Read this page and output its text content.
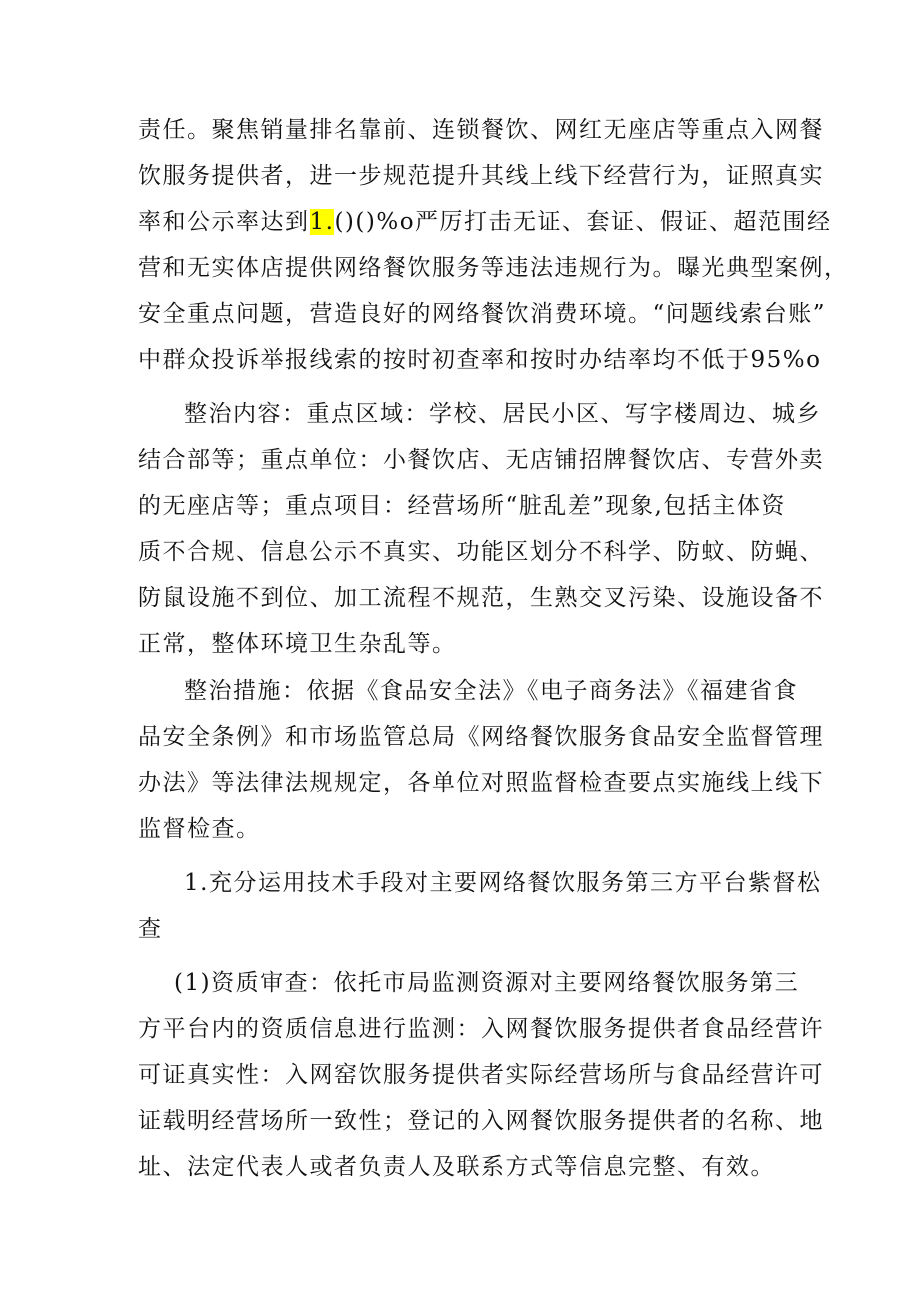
责任。聚焦销量排名靠前、连锁餐饮、网红无座店等重点入网餐
饮服务提供者，进一步规范提升其线上线下经营行为，证照真实
率和公示率达到1.()()%o严厉打击无证、套证、假证、超范围经
营和无实体店提供网络餐饮服务等违法违规行为。曝光典型案例，
安全重点问题，营造良好的网络餐饮消费环境。“问题线索台账”
中群众投诉举报线索的按时初查率和按时办结率均不低于95%o

整治内容：重点区域：学校、居民小区、写字楼周边、城乡
结合部等；重点单位：小餐饮店、无店铺招牌餐饮店、专营外卖
的无座店等；重点项目：经营场所“脏乱差”现象,包括主体资
质不合规、信息公示不真实、功能区划分不科学、防蚊、防蝇、
防鼠设施不到位、加工流程不规范，生熟交叉污染、设施设备不
正常，整体环境卫生杂乱等。

整治措施：依据《食品安全法》《电子商务法》《福建省食
品安全条例》和市场监管总局《网络餐饮服务食品安全监督管理
办法》等法律法规规定，各单位对照监督检查要点实施线上线下
监督检查。

1.充分运用技术手段对主要网络餐饮服务第三方平台紫督松
查

(1)资质审查：依托市局监测资源对主要网络餐饮服务第三
方平台内的资质信息进行监测：入网餐饮服务提供者食品经营许
可证真实性：入网窑饮服务提供者实际经营场所与食品经营许可
证载明经营场所一致性；登记的入网餐饮服务提供者的名称、地
址、法定代表人或者负责人及联系方式等信息完整、有效。
